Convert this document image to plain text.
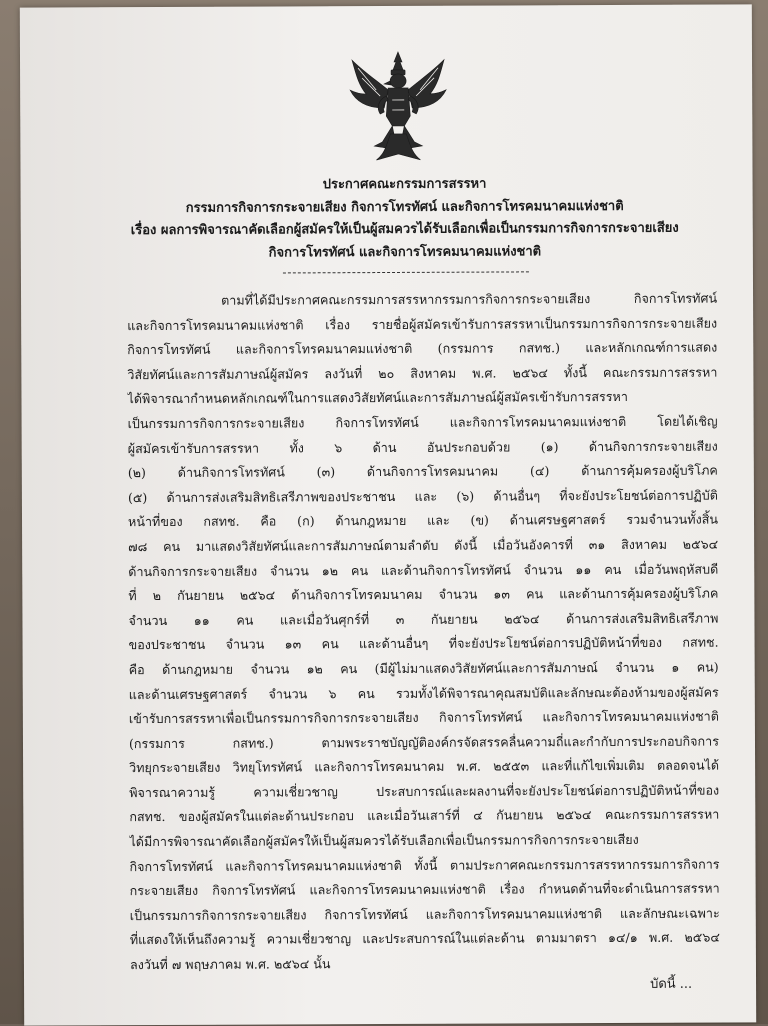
ประกาศคณะกรรมการสรรหา
กรรมการกิจการกระจายเสียง กิจการโทรทัศน์ และกิจการโทรคมนาคมแห่งชาติ
เรื่อง ผลการพิจารณาคัดเลือกผู้สมัครให้เป็นผู้สมควรได้รับเลือกเพื่อเป็นกรรมการกิจการกระจายเสียง
กิจการโทรทัศน์ และกิจการโทรคมนาคมแห่งชาติ
ตามที่ได้มีประกาศคณะกรรมการสรรหากรรมการกิจการกระจายเสียง กิจการโทรทัศน์
และกิจการโทรคมนาคมแห่งชาติ เรื่อง รายชื่อผู้สมัครเข้ารับการสรรหาเป็นกรรมการกิจการกระจายเสียง
กิจการโทรทัศน์ และกิจการโทรคมนาคมแห่งชาติ (กรรมการ กสทช.) และหลักเกณฑ์การแสดง
วิสัยทัศน์และการสัมภาษณ์ผู้สมัคร ลงวันที่ ๒๐ สิงหาคม พ.ศ. ๒๕๖๔ ทั้งนี้ คณะกรรมการสรรหา
ได้พิจารณากำหนดหลักเกณฑ์ในการแสดงวิสัยทัศน์และการสัมภาษณ์ผู้สมัครเข้ารับการสรรหา
เป็นกรรมการกิจการกระจายเสียง กิจการโทรทัศน์ และกิจการโทรคมนาคมแห่งชาติ โดยได้เชิญ
ผู้สมัครเข้ารับการสรรหา ทั้ง ๖ ด้าน อันประกอบด้วย (๑) ด้านกิจการกระจายเสียง
(๒) ด้านกิจการโทรทัศน์ (๓) ด้านกิจการโทรคมนาคม (๔) ด้านการคุ้มครองผู้บริโภค
(๕) ด้านการส่งเสริมสิทธิเสรีภาพของประชาชน และ (๖) ด้านอื่นๆ ที่จะยังประโยชน์ต่อการปฏิบัติ
หน้าที่ของ กสทช. คือ (ก) ด้านกฎหมาย และ (ข) ด้านเศรษฐศาสตร์ รวมจำนวนทั้งสิ้น
๗๘ คน มาแสดงวิสัยทัศน์และการสัมภาษณ์ตามลำดับ ดังนี้ เมื่อวันอังคารที่ ๓๑ สิงหาคม ๒๕๖๔
ด้านกิจการกระจายเสียง จำนวน ๑๒ คน และด้านกิจการโทรทัศน์ จำนวน ๑๑ คน เมื่อวันพฤหัสบดี
ที่ ๒ กันยายน ๒๕๖๔ ด้านกิจการโทรคมนาคม จำนวน ๑๓ คน และด้านการคุ้มครองผู้บริโภค
จำนวน ๑๑ คน และเมื่อวันศุกร์ที่ ๓ กันยายน ๒๕๖๔ ด้านการส่งเสริมสิทธิเสรีภาพ
ของประชาชน จำนวน ๑๓ คน และด้านอื่นๆ ที่จะยังประโยชน์ต่อการปฏิบัติหน้าที่ของ กสทช.
คือ ด้านกฎหมาย จำนวน ๑๒ คน (มีผู้ไม่มาแสดงวิสัยทัศน์และการสัมภาษณ์ จำนวน ๑ คน)
และด้านเศรษฐศาสตร์ จำนวน ๖ คน รวมทั้งได้พิจารณาคุณสมบัติและลักษณะต้องห้ามของผู้สมัคร
เข้ารับการสรรหาเพื่อเป็นกรรมการกิจการกระจายเสียง กิจการโทรทัศน์ และกิจการโทรคมนาคมแห่งชาติ
(กรรมการ กสทช.) ตามพระราชบัญญัติองค์กรจัดสรรคลื่นความถี่และกำกับการประกอบกิจการ
วิทยุกระจายเสียง วิทยุโทรทัศน์ และกิจการโทรคมนาคม พ.ศ. ๒๕๕๓ และที่แก้ไขเพิ่มเติม ตลอดจนได้
พิจารณาความรู้ ความเชี่ยวชาญ ประสบการณ์และผลงานที่จะยังประโยชน์ต่อการปฏิบัติหน้าที่ของ
กสทช. ของผู้สมัครในแต่ละด้านประกอบ และเมื่อวันเสาร์ที่ ๔ กันยายน ๒๕๖๔ คณะกรรมการสรรหา
ได้มีการพิจารณาคัดเลือกผู้สมัครให้เป็นผู้สมควรได้รับเลือกเพื่อเป็นกรรมการกิจการกระจายเสียง
กิจการโทรทัศน์ และกิจการโทรคมนาคมแห่งชาติ ทั้งนี้ ตามประกาศคณะกรรมการสรรหากรรมการกิจการ
กระจายเสียง กิจการโทรทัศน์ และกิจการโทรคมนาคมแห่งชาติ เรื่อง กำหนดด้านที่จะดำเนินการสรรหา
เป็นกรรมการกิจการกระจายเสียง กิจการโทรทัศน์ และกิจการโทรคมนาคมแห่งชาติ และลักษณะเฉพาะ
ที่แสดงให้เห็นถึงความรู้ ความเชี่ยวชาญ และประสบการณ์ในแต่ละด้าน ตามมาตรา ๑๔/๑ พ.ศ. ๒๕๖๔
ลงวันที่ ๗ พฤษภาคม พ.ศ. ๒๕๖๔ นั้น
บัดนี้ ...
